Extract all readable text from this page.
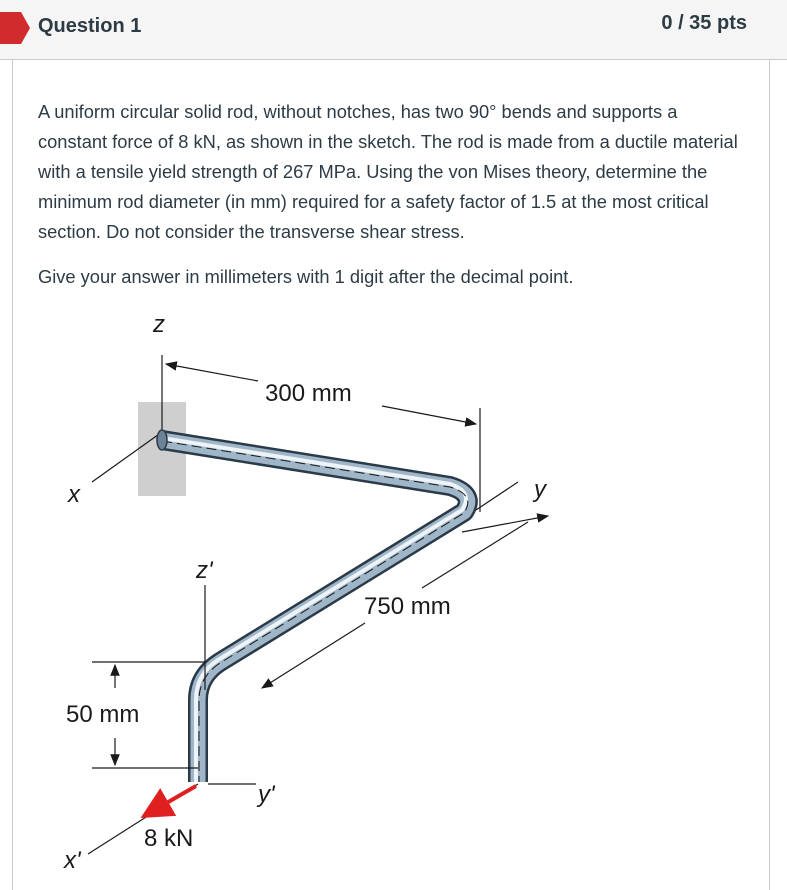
Question 1	0 / 35 pts

A uniform circular solid rod, without notches, has two 90° bends and supports a constant force of 8 kN, as shown in the sketch. The rod is made from a ductile material with a tensile yield strength of 267 MPa. Using the von Mises theory, determine the minimum rod diameter (in mm) required for a safety factor of 1.5 at the most critical section. Do not consider the transverse shear stress.

Give your answer in millimeters with 1 digit after the decimal point.

z
x
300 mm
y
750 mm
z'
50 mm
y'
x'
8 kN
